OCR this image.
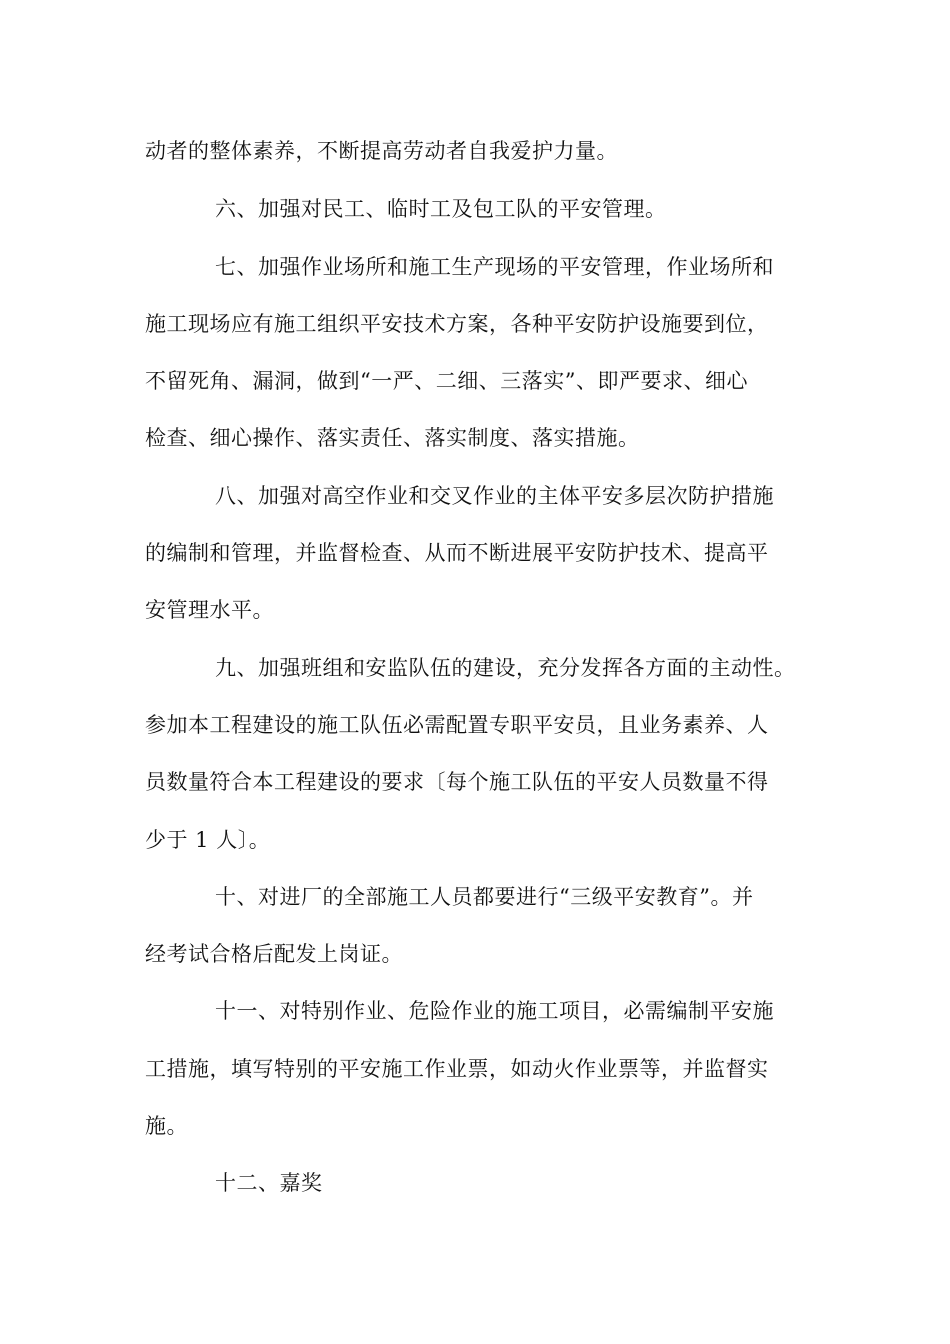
动者的整体素养，不断提高劳动者自我爱护力量。

六、加强对民工、临时工及包工队的平安管理。

七、加强作业场所和施工生产现场的平安管理，作业场所和

施工现场应有施工组织平安技术方案，各种平安防护设施要到位，

不留死角、漏洞，做到“一严、二细、三落实”、即严要求、细心

检查、细心操作、落实责任、落实制度、落实措施。

八、加强对高空作业和交叉作业的主体平安多层次防护措施

的编制和管理，并监督检查、从而不断进展平安防护技术、提高平

安管理水平。

九、加强班组和安监队伍的建设，充分发挥各方面的主动性。

参加本工程建设的施工队伍必需配置专职平安员，且业务素养、人

员数量符合本工程建设的要求〔每个施工队伍的平安人员数量不得

少于 1 人〕。

十、对进厂的全部施工人员都要进行“三级平安教育”。并

经考试合格后配发上岗证。

十一、对特别作业、危险作业的施工项目，必需编制平安施

工措施，填写特别的平安施工作业票，如动火作业票等，并监督实

施。

十二、嘉奖
